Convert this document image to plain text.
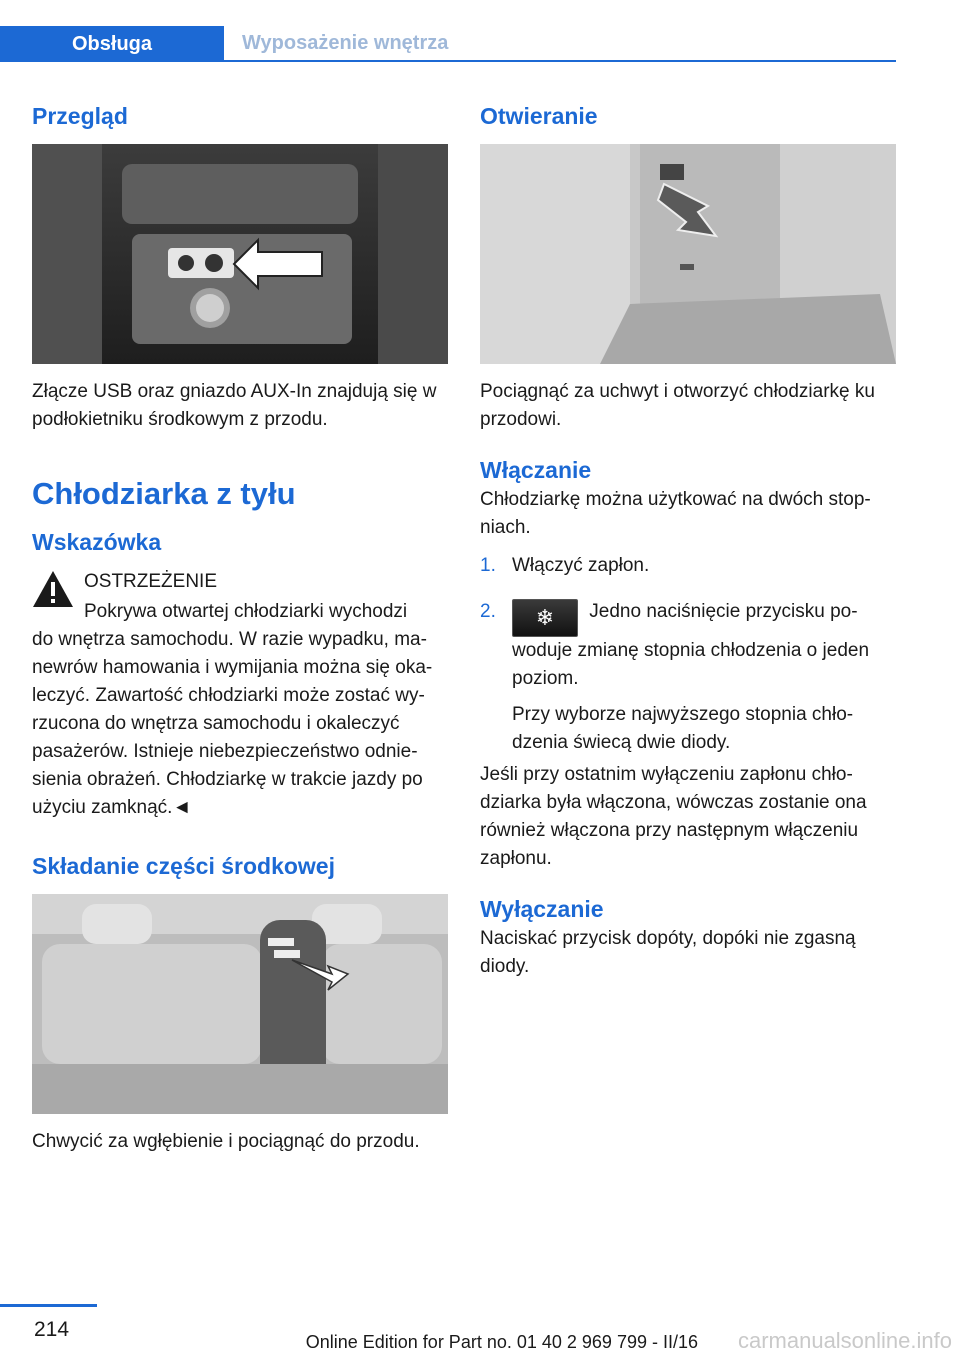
Obsługa	Wyposażenie wnętrza
Przegląd

Złącze USB oraz gniazdo AUX-In znajdują się w podłokietniku środkowym z przodu.

Chłodziarka z tyłu
Wskazówka
OSTRZEŻENIE

Pokrywa otwartej chłodziarki wychodzi

do wnętrza samochodu. W razie wypadku, manewrów hamowania i wymijania można się okaleczyć. Zawartość chłodziarki może zostać wyrzucona do wnętrza samochodu i okaleczyć pasażerów. Istnieje niebezpieczeństwo odniesienia obrażeń. Chłodziarkę w trakcie jazdy po użyciu zamknąć.◄

Składanie części środkowej

Chwycić za wgłębienie i pociągnąć do przodu.

Otwieranie

Pociągnąć za uchwyt i otworzyć chłodziarkę ku przodowi.

Włączanie

Chłodziarkę można użytkować na dwóch stopniach.

1. Włączyć zapłon.
2. ❄ Jedno naciśnięcie przycisku powoduje zmianę stopnia chłodzenia o jeden poziom.
Przy wyborze najwyższego stopnia chłodzenia świecą dwie diody.

Jeśli przy ostatnim wyłączeniu zapłonu chłodziarka była włączona, wówczas zostanie ona również włączona przy następnym włączeniu zapłonu.

Wyłączanie

Naciskać przycisk dopóty, dopóki nie zgasną diody.

214
Online Edition for Part no. 01 40 2 969 799 - II/16 carmanualsonline.info
